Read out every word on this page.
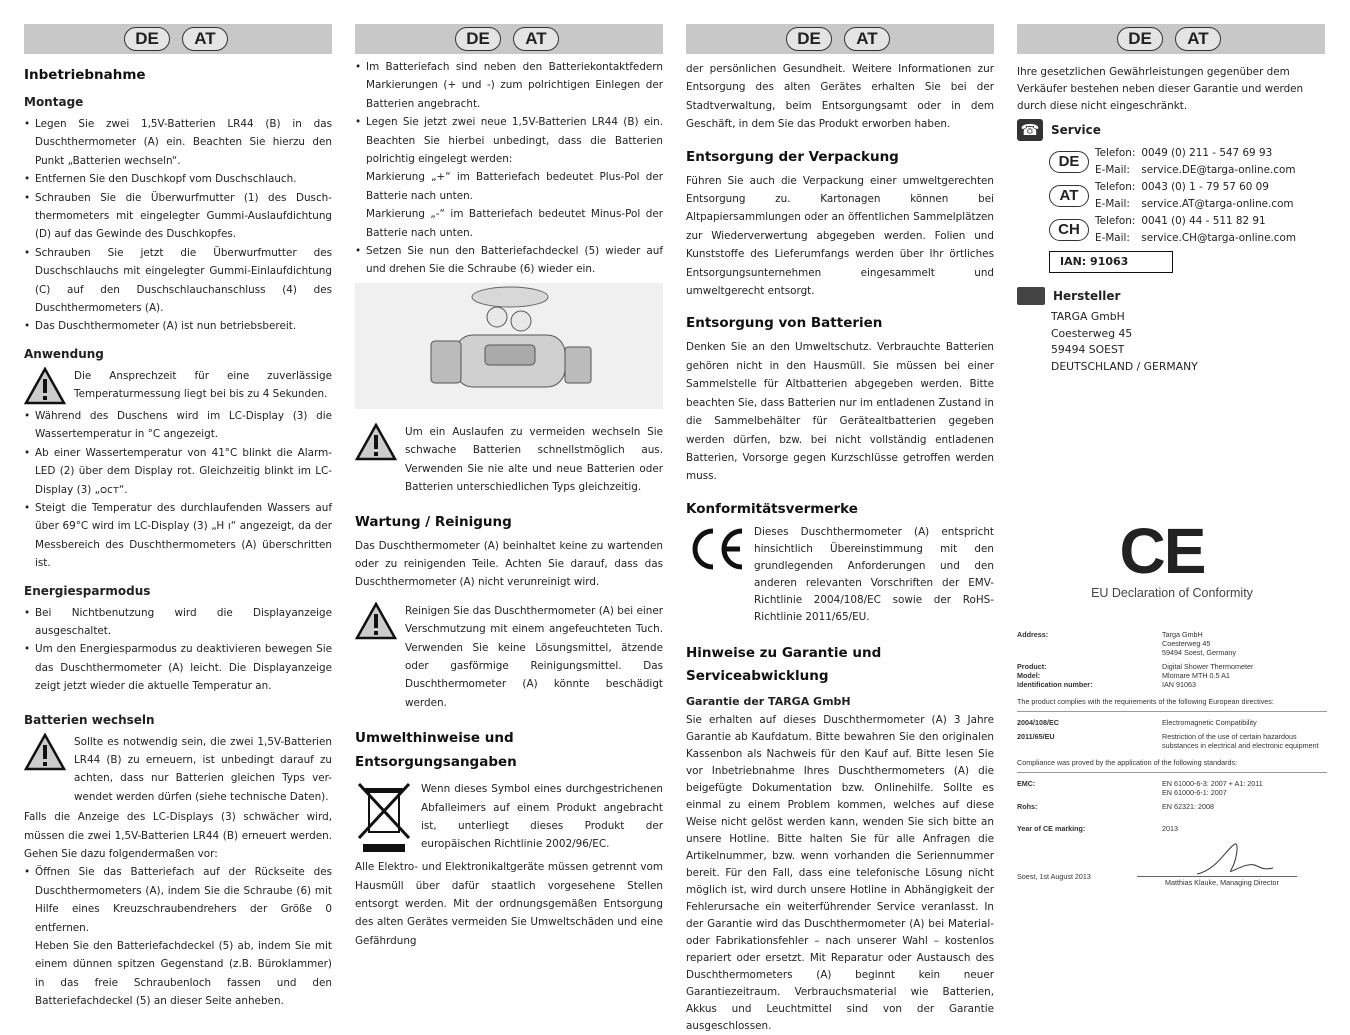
DE	AT
Inbetriebnahme
Montage
• Legen Sie zwei 1,5V-Batterien LR44 (B) in das Duschthermometer (A) ein. Beachten Sie hierzu den Punkt „Batterien wechseln“.
• Entfernen Sie den Duschkopf vom Duschschlauch.
• Schrauben Sie die Überwurfmutter (1) des Dusch-thermometers mit eingelegter Gummi-Auslaufdichtung (D) auf das Gewinde des Duschkopfes.
• Schrauben Sie jetzt die Überwurfmutter des Duschschlauchs mit eingelegter Gummi-Einlaufdichtung (C) auf den Duschschlauchanschluss (4) des Duschthermometers (A).
• Das Duschthermometer (A) ist nun betriebsbereit.
Anwendung

Die Ansprechzeit für eine zuverlässige Temperaturmessung liegt bei bis zu 4 Sekunden.

• Während des Duschens wird im LC-Display (3) die Wassertemperatur in °C angezeigt.
• Ab einer Wassertemperatur von 41°C blinkt die Alarm-LED (2) über dem Display rot. Gleichzeitig blinkt im LC-Display (3) „ᴑᴄᴛ“.
• Steigt die Temperatur des durchlaufenden Wassers auf über 69°C wird im LC-Display (3) „H ı“ angezeigt, da der Messbereich des Duschthermometers (A) überschritten ist.
Energiesparmodus
• Bei Nichtbenutzung wird die Displayanzeige ausgeschaltet.
• Um den Energiesparmodus zu deaktivieren bewegen Sie das Duschthermometer (A) leicht. Die Displayanzeige zeigt jetzt wieder die aktuelle Temperatur an.
Batterien wechseln

Sollte es notwendig sein, die zwei 1,5V-Batterien LR44 (B) zu erneuern, ist unbedingt darauf zu achten, dass nur Batterien gleichen Typs ver-wendet werden dürfen (siehe technische Daten).

Falls die Anzeige des LC-Displays (3) schwächer wird, müssen die zwei 1,5V-Batterien LR44 (B) erneuert werden. Gehen Sie dazu folgendermaßen vor:

• Öffnen Sie das Batteriefach auf der Rückseite des Duschthermometers (A), indem Sie die Schraube (6) mit Hilfe eines Kreuzschraubendrehers der Größe 0 entfernen.

Heben Sie den Batteriefachdeckel (5) ab, indem Sie mit einem dünnen spitzen Gegenstand (z.B. Büroklammer) in das freie Schraubenloch fassen und den Batteriefachdeckel (5) an dieser Seite anheben.

DE	AT
• Im Batteriefach sind neben den Batteriekontaktfedern Markierungen (+ und -) zum polrichtigen Einlegen der Batterien angebracht.
• Legen Sie jetzt zwei neue 1,5V-Batterien LR44 (B) ein. Beachten Sie hierbei unbedingt, dass die Batterien polrichtig eingelegt werden:

Markierung „+“ im Batteriefach bedeutet Plus-Pol der Batterie nach unten.

Markierung „-“ im Batteriefach bedeutet Minus-Pol der Batterie nach unten.

• Setzen Sie nun den Batteriefachdeckel (5) wieder auf und drehen Sie die Schraube (6) wieder ein.

Um ein Auslaufen zu vermeiden wechseln Sie schwache Batterien schnellstmöglich aus. Verwenden Sie nie alte und neue Batterien oder Batterien unterschiedlichen Typs gleichzeitig.

Wartung / Reinigung

Das Duschthermometer (A) beinhaltet keine zu wartenden oder zu reinigenden Teile. Achten Sie darauf, dass das Duschthermometer (A) nicht verunreinigt wird.

Reinigen Sie das Duschthermometer (A) bei einer Verschmutzung mit einem angefeuchteten Tuch. Verwenden Sie keine Lösungsmittel, ätzende oder gasförmige Reinigungsmittel. Das Duschthermometer (A) könnte beschädigt werden.

Umwelthinweise und Entsorgungsangaben

Wenn dieses Symbol eines durchgestrichenen Abfalleimers auf einem Produkt angebracht ist, unterliegt dieses Produkt der europäischen Richtlinie 2002/96/EC.

Alle Elektro- und Elektronikaltgeräte müssen getrennt vom Hausmüll über dafür staatlich vorgesehene Stellen entsorgt werden. Mit der ordnungsgemäßen Entsorgung des alten Gerätes vermeiden Sie Umweltschäden und eine Gefährdung

DE	AT

der persönlichen Gesundheit. Weitere Informationen zur Entsorgung des alten Gerätes erhalten Sie bei der Stadtverwaltung, beim Entsorgungsamt oder in dem Geschäft, in dem Sie das Produkt erworben haben.

Entsorgung der Verpackung

Führen Sie auch die Verpackung einer umweltgerechten Entsorgung zu. Kartonagen können bei Altpapiersammlungen oder an öffentlichen Sammelplätzen zur Wiederverwertung abgegeben werden. Folien und Kunststoffe des Lieferumfangs werden über Ihr örtliches Entsorgungsunternehmen eingesammelt und umweltgerecht entsorgt.

Entsorgung von Batterien

Denken Sie an den Umweltschutz. Verbrauchte Batterien gehören nicht in den Hausmüll. Sie müssen bei einer Sammelstelle für Altbatterien abgegeben werden. Bitte beachten Sie, dass Batterien nur im entladenen Zustand in die Sammelbehälter für Gerätealtbatterien gegeben werden dürfen, bzw. bei nicht vollständig entladenen Batterien, Vorsorge gegen Kurzschlüsse getroffen werden muss.

Konformitätsvermerke

Dieses Duschthermometer (A) entspricht hinsichtlich Übereinstimmung mit den grundlegenden Anforderungen und den anderen relevanten Vorschriften der EMV-Richtlinie 2004/108/EC sowie der RoHS-Richtlinie 2011/65/EU.

Hinweise zu Garantie und Serviceabwicklung
Garantie der TARGA GmbH

Sie erhalten auf dieses Duschthermometer (A) 3 Jahre Garantie ab Kaufdatum. Bitte bewahren Sie den originalen Kassenbon als Nachweis für den Kauf auf. Bitte lesen Sie vor Inbetriebnahme Ihres Duschthermometers (A) die beigefügte Dokumentation bzw. Onlinehilfe. Sollte es einmal zu einem Problem kommen, welches auf diese Weise nicht gelöst werden kann, wenden Sie sich bitte an unsere Hotline. Bitte halten Sie für alle Anfragen die Artikelnummer, bzw. wenn vorhanden die Seriennummer bereit. Für den Fall, dass eine telefonische Lösung nicht möglich ist, wird durch unsere Hotline in Abhängigkeit der Fehlerursache ein weiterführender Service veranlasst. In der Garantie wird das Duschthermometer (A) bei Material- oder Fabrikationsfehler – nach unserer Wahl – kostenlos repariert oder ersetzt. Mit Reparatur oder Austausch des Duschthermometers (A) beginnt kein neuer Garantiezeitraum. Verbrauchsmaterial wie Batterien, Akkus und Leuchtmittel sind von der Garantie ausgeschlossen.

DE	AT

Ihre gesetzlichen Gewährleistungen gegenüber dem Verkäufer bestehen neben dieser Garantie und werden durch diese nicht eingeschränkt.

☎ Service
DE	Telefon:	0049 (0) 211 - 547 69 93
	E-Mail:	service.DE@targa-online.com
AT	Telefon:	0043 (0) 1 - 79 57 60 09
	E-Mail:	service.AT@targa-online.com
CH	Telefon:	0041 (0) 44 - 511 82 91
	E-Mail:	service.CH@targa-online.com
IAN: 91063
Hersteller
TARGA GmbH
Coesterweg 45
59494 SOEST
DEUTSCHLAND / GERMANY
CE
EU Declaration of Conformity
Address:	Targa GmbH
Coesterweg 45
59494 Soest, Germany

Product:	Digital Shower Thermometer
Model:	Mlomare MTH 0.5 A1
Identification number:	IAN 91063
The product complies with the requirements of the following European directives:	
2004/108/EC	Electromagnetic Compatibility
2011/65/EU	Restriction of the use of certain hazardous substances in electrical and electronic equipment
Compliance was proved by the application of the following standards:	
EMC:	EN 61000-6-3: 2007 + A1: 2011
EN 61000-6-1: 2007

Rohs:	EN 62321: 2008
Year of CE marking:	2013
Soest, 1st August 2013
Matthias Klauke, Managing Director
